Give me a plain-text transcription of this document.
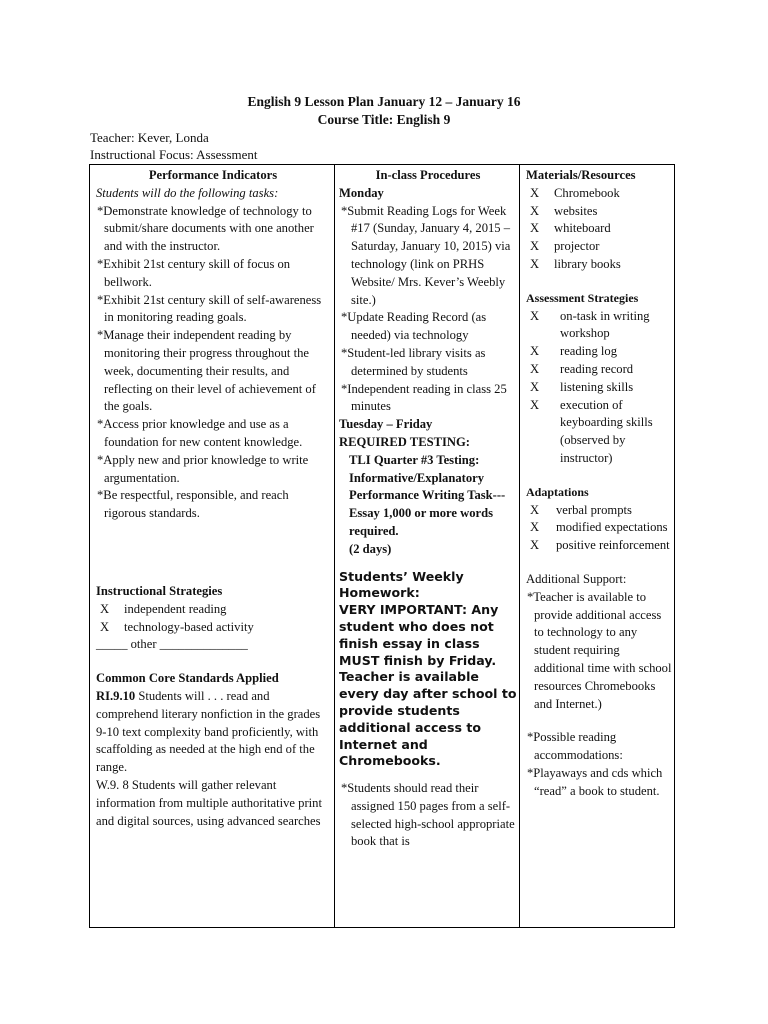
English 9 Lesson Plan January 12 – January 16
Course Title: English 9
Teacher: Kever, Londa
Instructional Focus: Assessment
Performance Indicators
Students will do the following tasks:

*Demonstrate knowledge of technology to submit/share documents with one another and with the instructor.

*Exhibit 21st century skill of focus on bellwork.

*Exhibit 21st century skill of self-awareness in monitoring reading goals.

*Manage their independent reading by monitoring their progress throughout the week, documenting their results, and reflecting on their level of achievement of the goals.

*Access prior knowledge and use as a foundation for new content knowledge.

*Apply new and prior knowledge to write argumentation.

*Be respectful, responsible, and reach rigorous standards.

Instructional Strategies
X	independent reading
X	technology-based activity
_____ other ______________
Common Core Standards Applied

RI.9.10 Students will . . . read and comprehend literary nonfiction in the grades 9-10 text complexity band proficiently, with scaffolding as needed at the high end of the range.

W.9. 8 Students will gather relevant information from multiple authoritative print and digital sources, using advanced searches

In-class Procedures
Monday

*Submit Reading Logs for Week #17 (Sunday, January 4, 2015 – Saturday, January 10, 2015) via technology (link on PRHS Website/ Mrs. Kever’s Weebly site.)

*Update Reading Record (as needed) via technology

*Student-led library visits as determined by students

*Independent reading in class 25 minutes

Tuesday – Friday
REQUIRED TESTING:

TLI Quarter #3 Testing: Informative/Explanatory Performance Writing Task---Essay 1,000 or more words required.

(2 days)

Students’ Weekly Homework:

VERY IMPORTANT: Any student who does not finish essay in class MUST finish by Friday. Teacher is available every day after school to provide students additional access to Internet and Chromebooks.

*Students should read their assigned 150 pages from a self-selected high-school appropriate book that is

Materials/Resources
X	Chromebook
X	websites
X	whiteboard
X	projector
X	library books
Assessment Strategies
X	on-task in writing workshop
X	reading log
X	reading record
X	listening skills
X	execution of keyboarding skills (observed by instructor)
Adaptations
X	verbal prompts
X	modified expectations
X	positive reinforcement
Additional Support:

*Teacher is available to provide additional access to technology to any student requiring additional time with school resources Chromebooks and Internet.)

*Possible reading accommodations:

*Playaways and cds which “read” a book to student.
